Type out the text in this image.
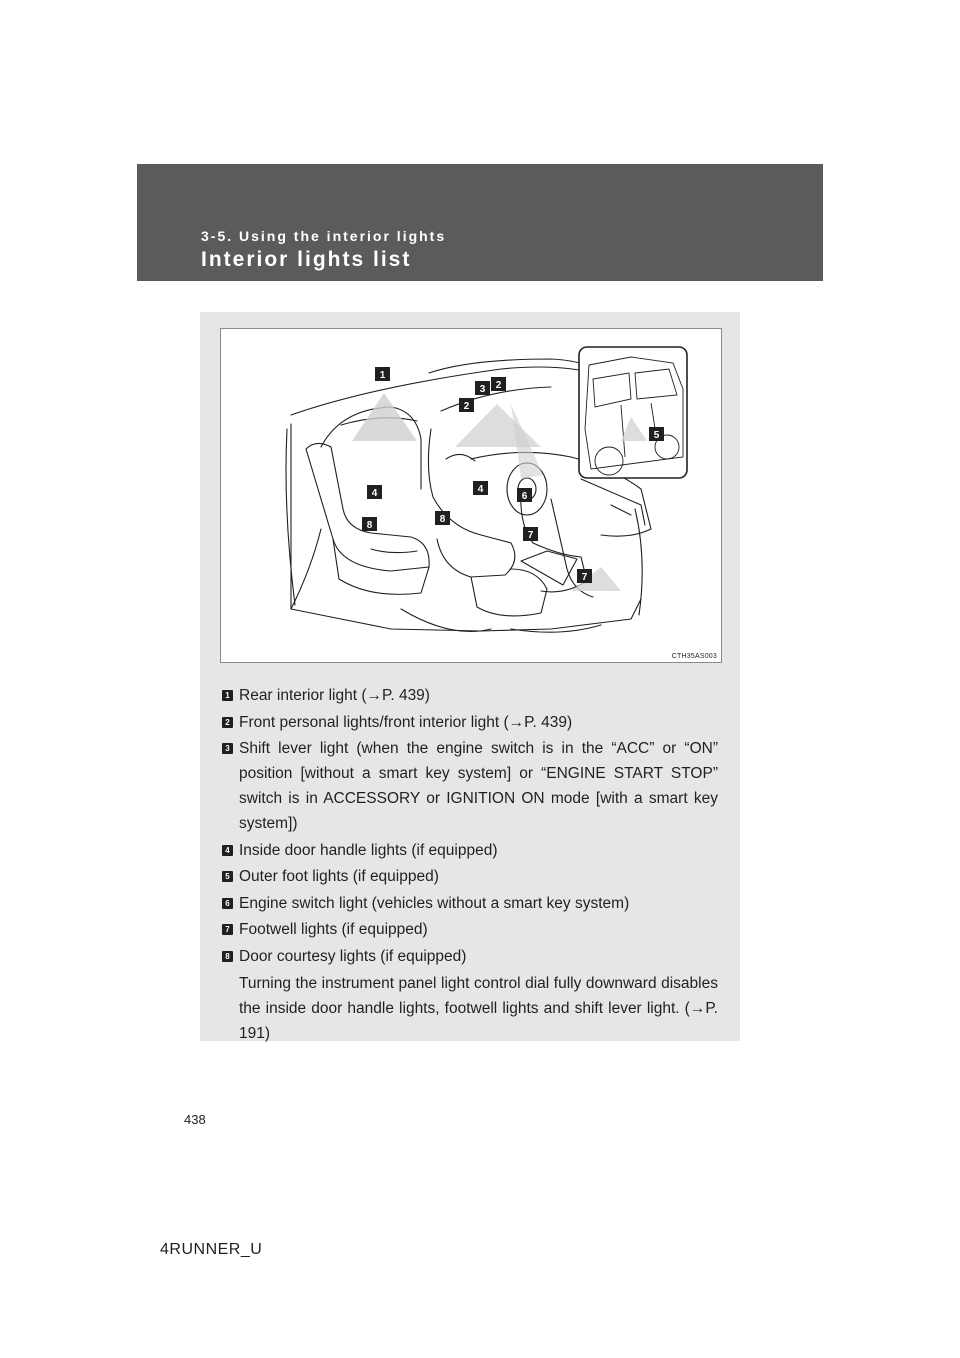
3-5. Using the interior lights
Interior lights list
1
3 2
2
4	4
6
8
8
7
7
5
CTH35AS003
1 Rear interior light (→P. 439)
2 Front personal lights/front interior light (→P. 439)
3 Shift lever light (when the engine switch is in the “ACC” or “ON” position [without a smart key system] or “ENGINE START STOP” switch is in ACCESSORY or IGNITION ON mode [with a smart key system])
4 Inside door handle lights (if equipped)
5 Outer foot lights (if equipped)
6 Engine switch light (vehicles without a smart key system)
7 Footwell lights (if equipped)
8 Door courtesy lights (if equipped)
Turning the instrument panel light control dial fully downward disables the inside door handle lights, footwell lights and shift lever light. (→P. 191)
438
4RUNNER_U
